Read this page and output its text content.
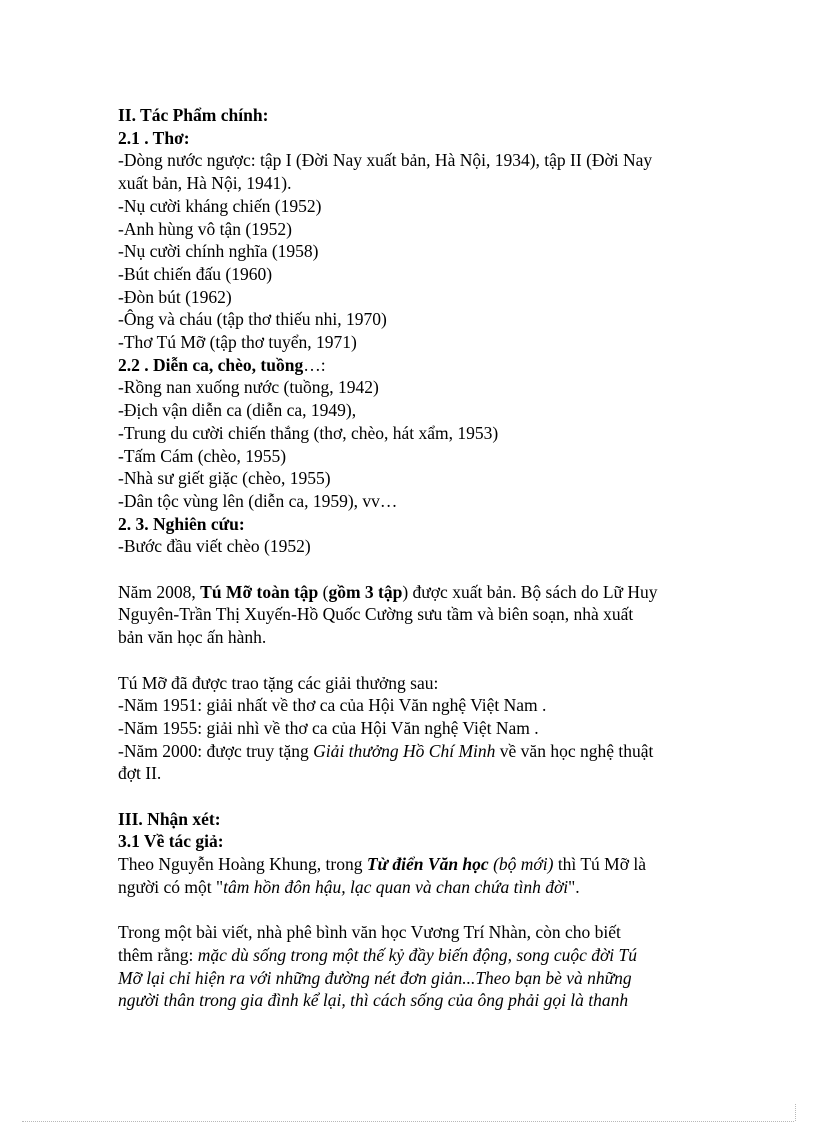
II. Tác Phẩm chính:
2.1 . Thơ:
-Dòng nước ngược: tập I (Đời Nay xuất bản, Hà Nội, 1934), tập II (Đời Nay
xuất bản, Hà Nội, 1941).
-Nụ cười kháng chiến (1952)
-Anh hùng vô tận (1952)
-Nụ cười chính nghĩa (1958)
-Bút chiến đấu (1960)
-Đòn bút (1962)
-Ông và cháu (tập thơ thiếu nhi, 1970)
-Thơ Tú Mỡ (tập thơ tuyển, 1971)
2.2 . Diễn ca, chèo, tuồng…:
-Rồng nan xuống nước (tuồng, 1942)
-Địch vận diễn ca (diễn ca, 1949),
-Trung du cười chiến thắng (thơ, chèo, hát xẩm, 1953)
-Tấm Cám (chèo, 1955)
-Nhà sư giết giặc (chèo, 1955)
-Dân tộc vùng lên (diễn ca, 1959), vv…
2. 3. Nghiên cứu:
-Bước đầu viết chèo (1952)
Năm 2008, Tú Mỡ toàn tập (gồm 3 tập) được xuất bản. Bộ sách do Lữ Huy
Nguyên-Trần Thị Xuyến-Hồ Quốc Cường sưu tầm và biên soạn, nhà xuất
bản văn học ấn hành.
Tú Mỡ đã được trao tặng các giải thưởng sau:
-Năm 1951: giải nhất về thơ ca của Hội Văn nghệ Việt Nam .
-Năm 1955: giải nhì về thơ ca của Hội Văn nghệ Việt Nam .
-Năm 2000: được truy tặng Giải thưởng Hồ Chí Minh về văn học nghệ thuật
đợt II.
III. Nhận xét:
3.1 Về tác giả:
Theo Nguyễn Hoàng Khung, trong Từ điển Văn học (bộ mới) thì Tú Mỡ là
người có một "tâm hồn đôn hậu, lạc quan và chan chứa tình đời".
Trong một bài viết, nhà phê bình văn học Vương Trí Nhàn, còn cho biết
thêm rằng: mặc dù sống trong một thế kỷ đầy biến động, song cuộc đời Tú
Mỡ lại chỉ hiện ra với những đường nét đơn giản...Theo bạn bè và những
người thân trong gia đình kể lại, thì cách sống của ông phải gọi là thanh
